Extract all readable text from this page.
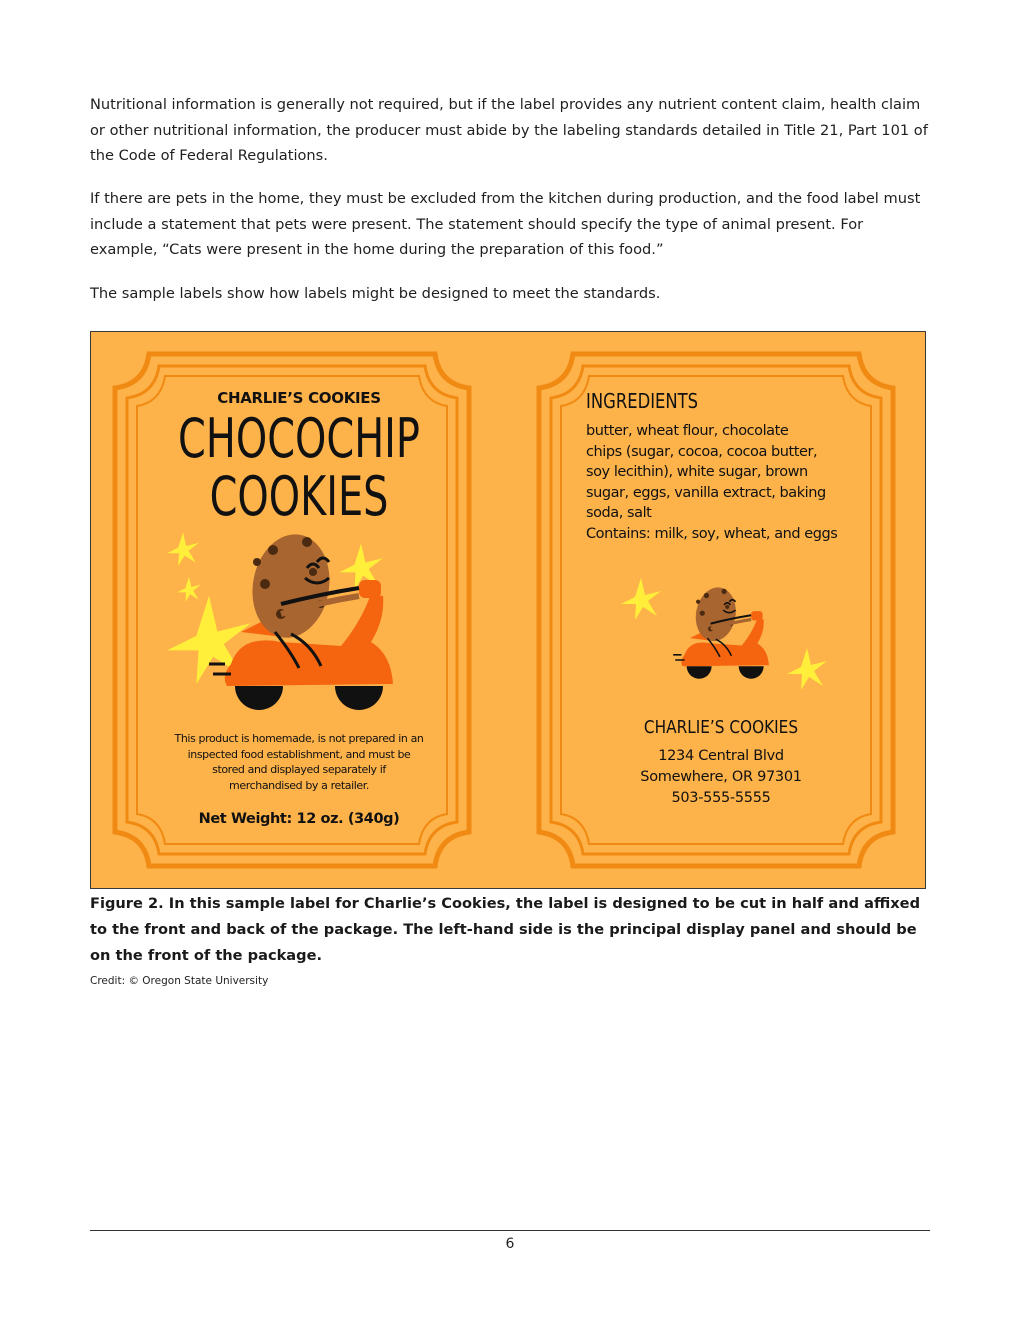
Nutritional information is generally not required, but if the label provides any nutrient content claim, health claim or other nutritional information, the producer must abide by the labeling standards detailed in Title 21, Part 101 of the Code of Federal Regulations.

If there are pets in the home, they must be excluded from the kitchen during production, and the food label must include a statement that pets were present. The statement should specify the type of animal present. For example, “Cats were present in the home during the preparation of this food.”

The sample labels show how labels might be designed to meet the standards.

CHARLIE’S COOKIES
CHOCOCHIP
COOKIES
This product is homemade, is not prepared in an
inspected food establishment, and must be
stored and displayed separately if
merchandised by a retailer.
Net Weight: 12 oz. (340g)
INGREDIENTS
butter, wheat flour, chocolate
chips (sugar, cocoa, cocoa butter,
soy lecithin), white sugar, brown
sugar, eggs, vanilla extract, baking
soda, salt
Contains: milk, soy, wheat, and eggs
CHARLIE’S COOKIES
1234 Central Blvd
Somewhere, OR 97301
503-555-5555

Figure 2. In this sample label for Charlie’s Cookies, the label is designed to be cut in half and affixed to the front and back of the package. The left-hand side is the principal display panel and should be on the front of the package.

Credit: © Oregon State University
6
